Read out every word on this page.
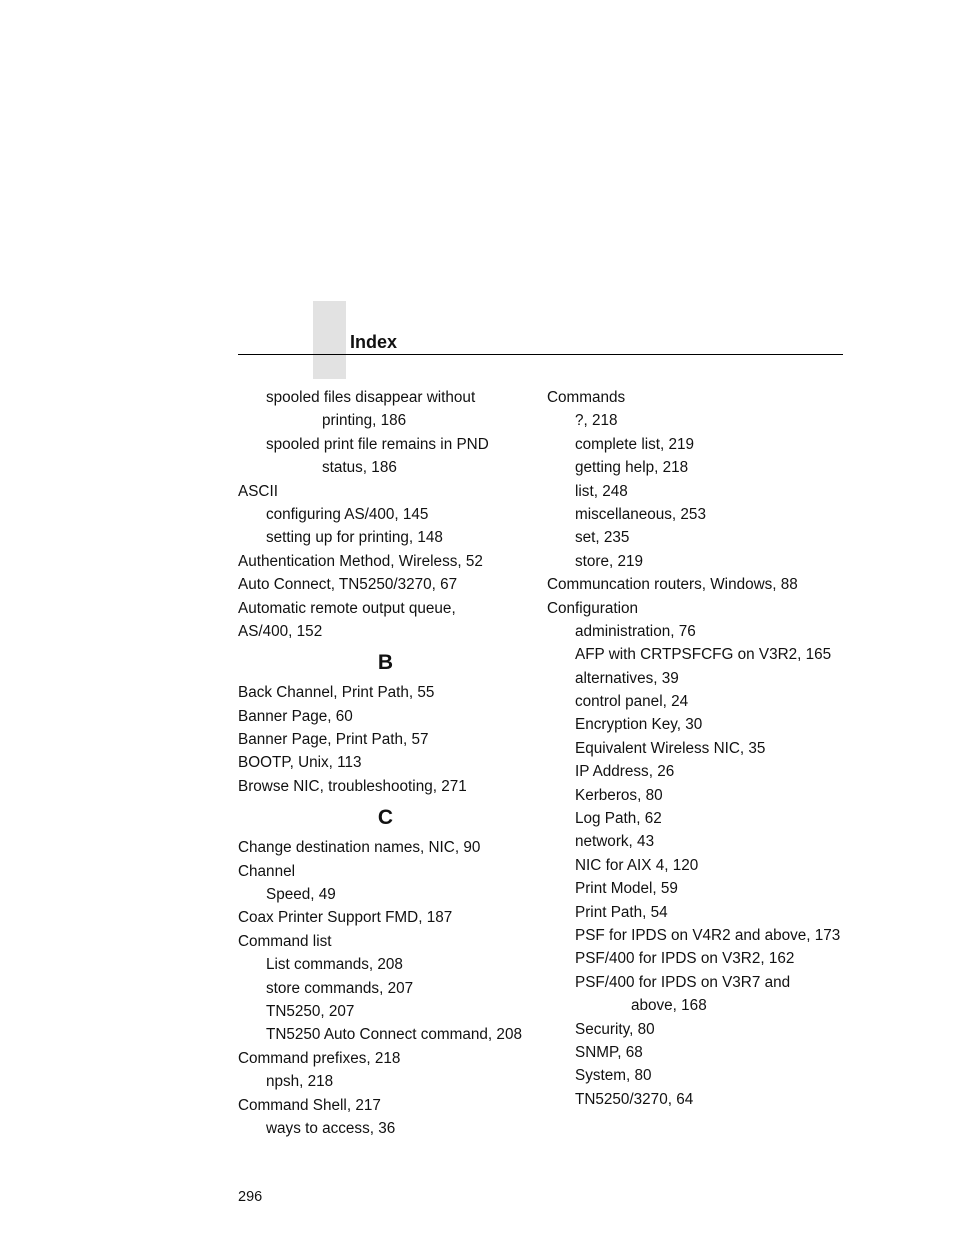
Index
spooled files disappear without
printing, 186
spooled print file remains in PND
status, 186
ASCII
configuring AS/400, 145
setting up for printing, 148
Authentication Method, Wireless, 52
Auto Connect, TN5250/3270, 67
Automatic remote output queue,
AS/400, 152
B
Back Channel, Print Path, 55
Banner Page, 60
Banner Page, Print Path, 57
BOOTP, Unix, 113
Browse NIC, troubleshooting, 271
C
Change destination names, NIC, 90
Channel
Speed, 49
Coax Printer Support FMD, 187
Command list
List commands, 208
store commands, 207
TN5250, 207
TN5250 Auto Connect command, 208
Command prefixes, 218
npsh, 218
Command Shell, 217
ways to access, 36
Commands
?, 218
complete list, 219
getting help, 218
list, 248
miscellaneous, 253
set, 235
store, 219
Communcation routers, Windows, 88
Configuration
administration, 76
AFP with CRTPSFCFG on V3R2, 165
alternatives, 39
control panel, 24
Encryption Key, 30
Equivalent Wireless NIC, 35
IP Address, 26
Kerberos, 80
Log Path, 62
network, 43
NIC for AIX 4, 120
Print Model, 59
Print Path, 54
PSF for IPDS on V4R2 and above, 173
PSF/400 for IPDS on V3R2, 162
PSF/400 for IPDS on V3R7 and
above, 168
Security, 80
SNMP, 68
System, 80
TN5250/3270, 64
296
